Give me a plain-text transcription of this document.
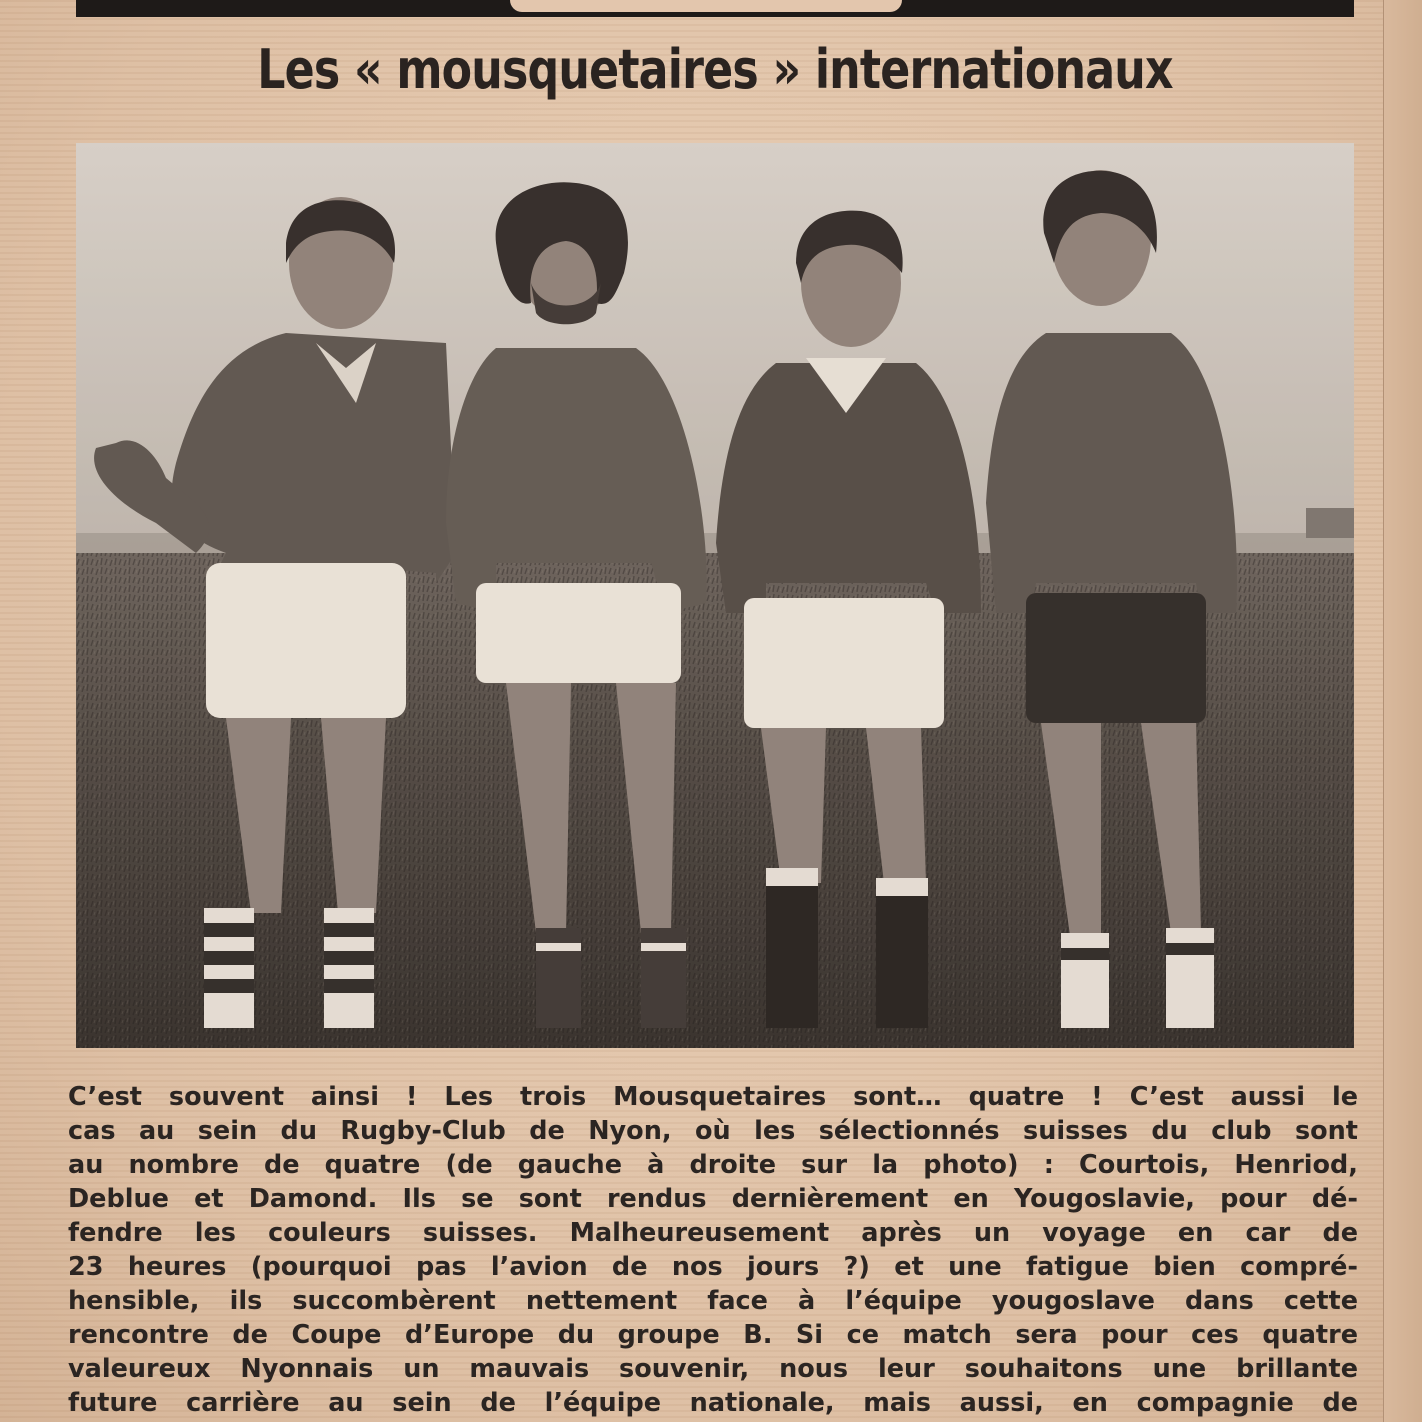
Les « mousquetaires » internationaux
C’est souvent ainsi ! Les trois Mousquetaires sont… quatre ! C’est aussi le
cas au sein du Rugby-Club de Nyon, où les sélectionnés suisses du club sont
au nombre de quatre (de gauche à droite sur la photo) : Courtois, Henriod,
Deblue et Damond. Ils se sont rendus dernièrement en Yougoslavie, pour dé-
fendre les couleurs suisses. Malheureusement après un voyage en car de
23 heures (pourquoi pas l’avion de nos jours ?) et une fatigue bien compré-
hensible, ils succombèrent nettement face à l’équipe yougoslave dans cette
rencontre de Coupe d’Europe du groupe B. Si ce match sera pour ces quatre
valeureux Nyonnais un mauvais souvenir, nous leur souhaitons une brillante
future carrière au sein de l’équipe nationale, mais aussi, en compagnie de
